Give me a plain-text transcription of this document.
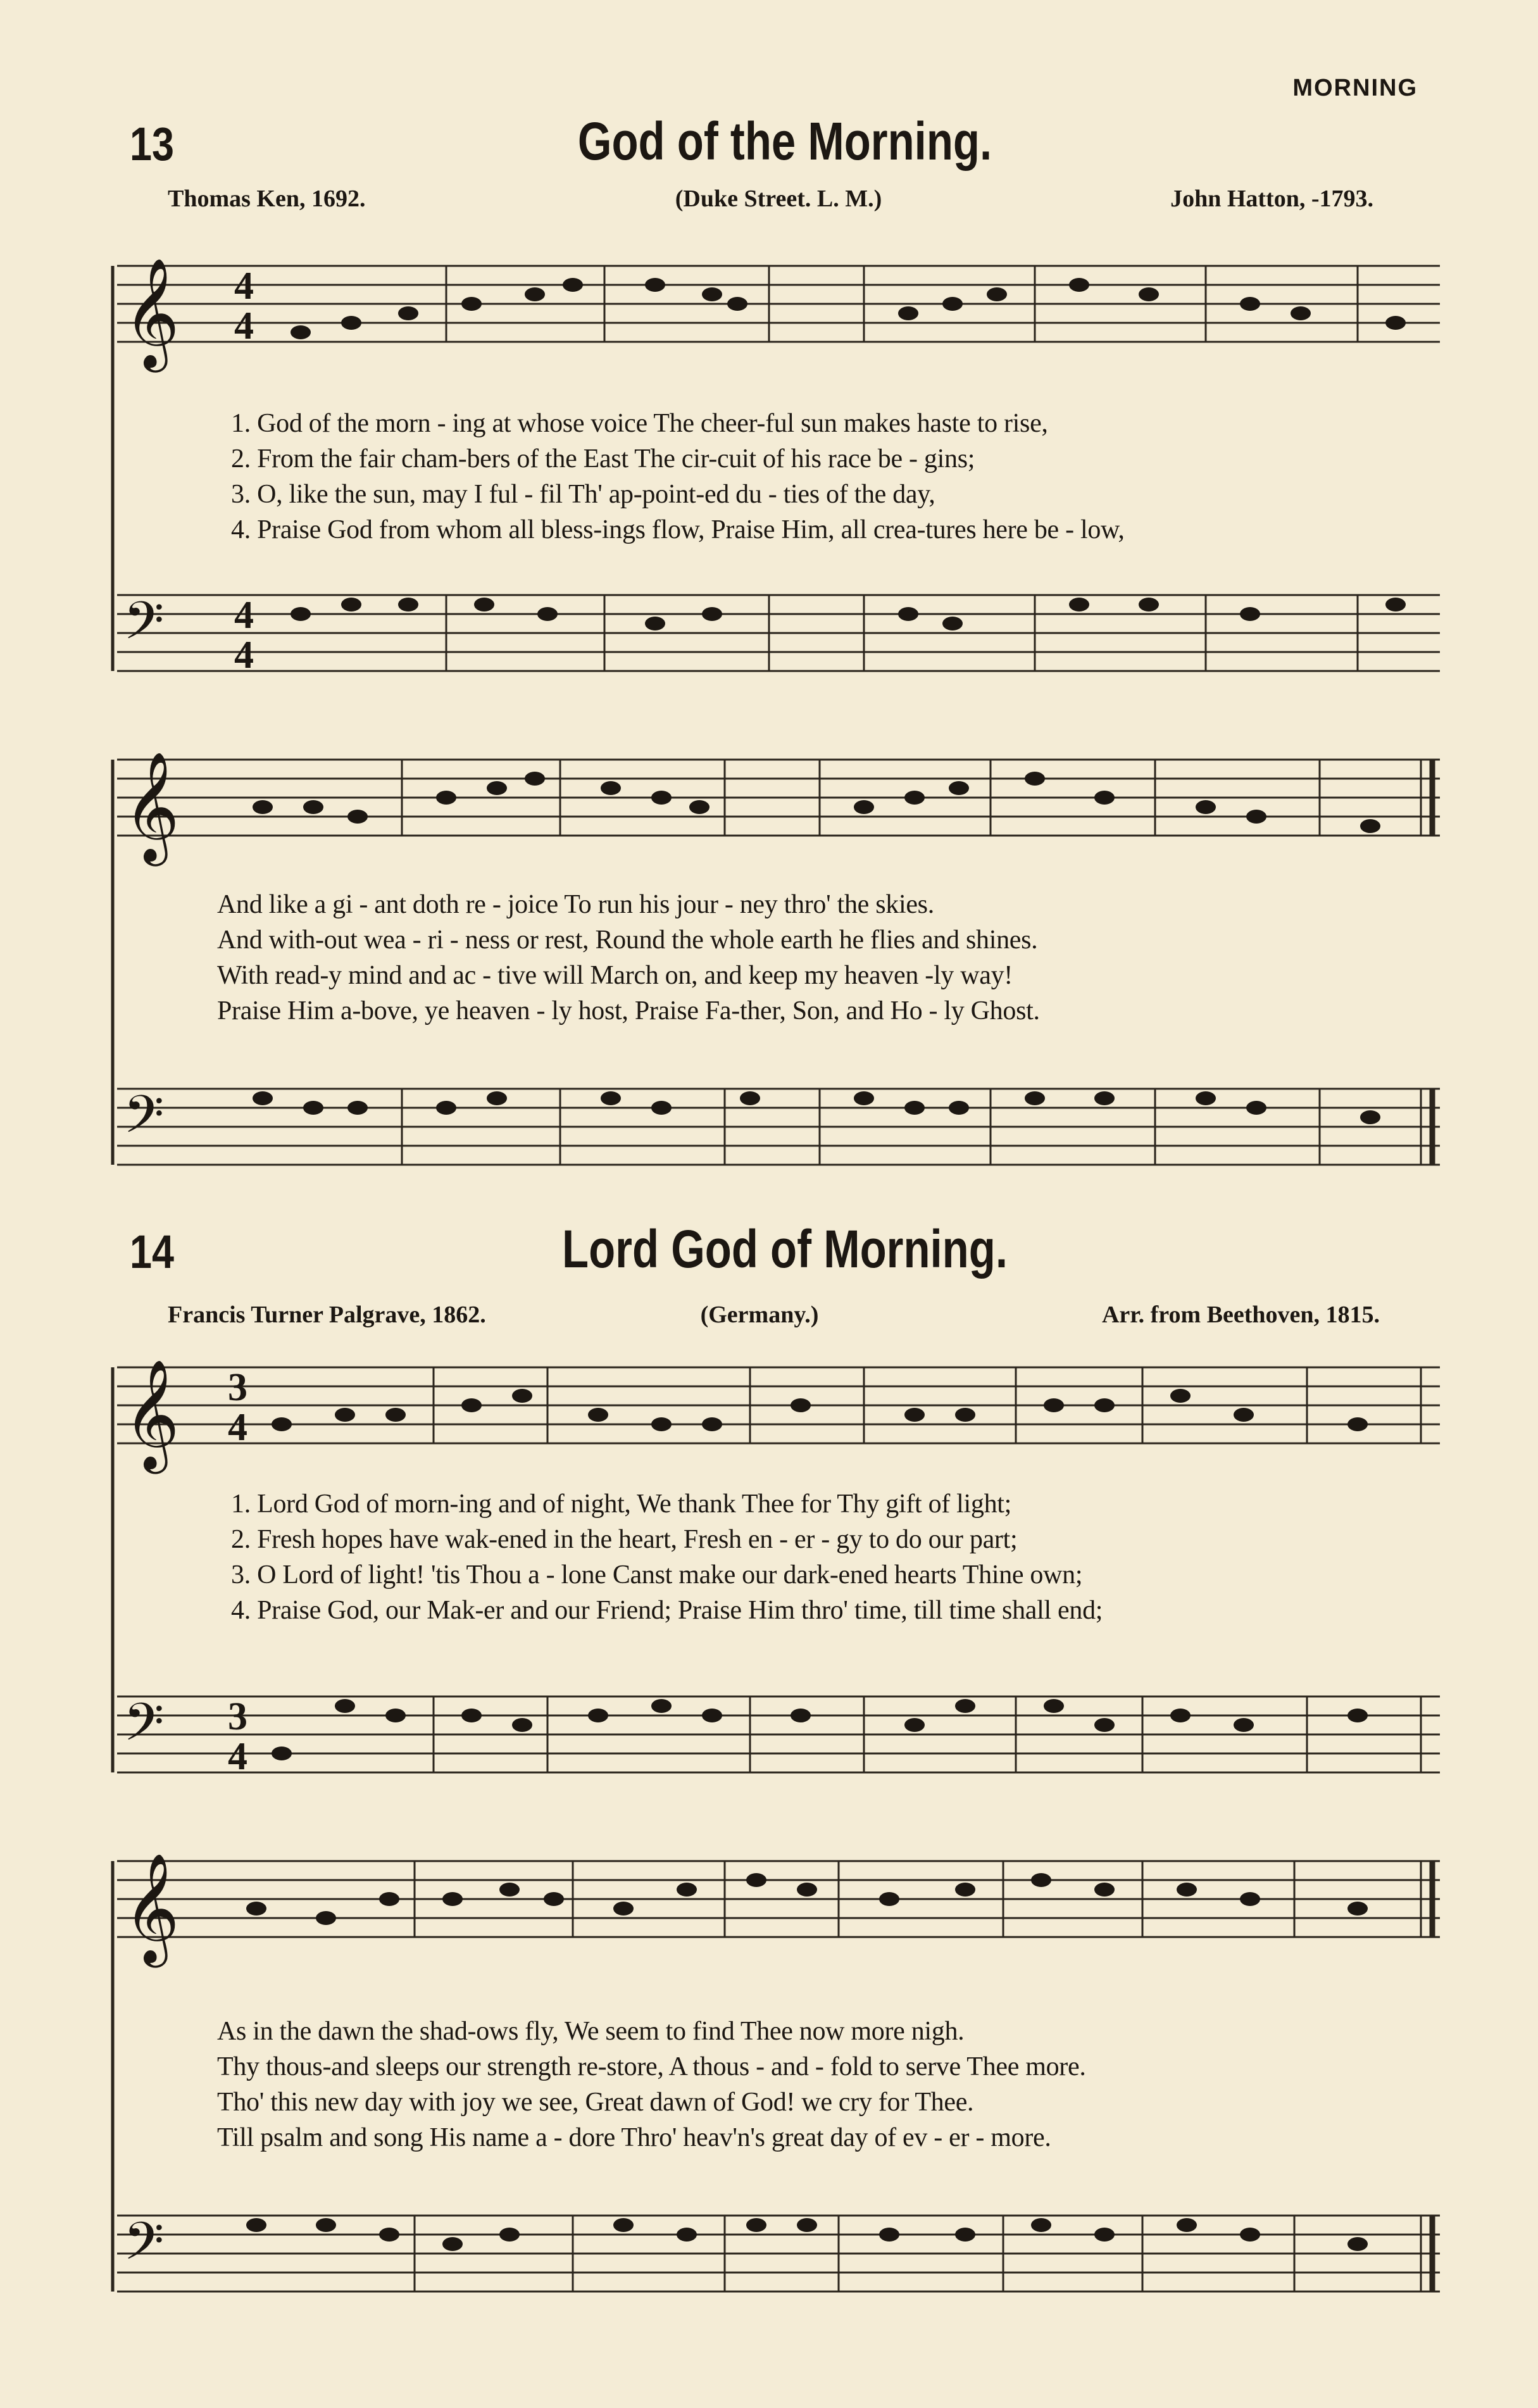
MORNING
13	God of the Morning.
Thomas Ken, 1692.	(Duke Street. L. M.)	John Hatton, -1793.
𝄞 4
4
1. God of the morn - ing at whose voice The cheer-ful sun makes haste to rise,
2. From the fair cham-bers of the East The cir-cuit of his race be - gins;
3. O, like the sun, may I ful - fil Th' ap-point-ed du - ties of the day,
4. Praise God from whom all bless-ings flow, Praise Him, all crea-tures here be - low,
𝄢 4
4
𝄞
And like a gi - ant doth re - joice To run his jour - ney thro' the skies.
And with-out wea - ri - ness or rest, Round the whole earth he flies and shines.
With read-y mind and ac - tive will March on, and keep my heaven -ly way!
Praise Him a-bove, ye heaven - ly host, Praise Fa-ther, Son, and Ho - ly Ghost.
𝄢
14	Lord God of Morning.
Francis Turner Palgrave, 1862.	(Germany.)	Arr. from Beethoven, 1815.
𝄞 3
4
1. Lord God of morn-ing and of night, We thank Thee for Thy gift of light;
2. Fresh hopes have wak-ened in the heart, Fresh en - er - gy to do our part;
3. O Lord of light! 'tis Thou a - lone Canst make our dark-ened hearts Thine own;
4. Praise God, our Mak-er and our Friend; Praise Him thro' time, till time shall end;
𝄢 3
4
𝄞
As in the dawn the shad-ows fly, We seem to find Thee now more nigh.
Thy thous-and sleeps our strength re-store, A thous - and - fold to serve Thee more.
Tho' this new day with joy we see, Great dawn of God! we cry for Thee.
Till psalm and song His name a - dore Thro' heav'n's great day of ev - er - more.
𝄢
